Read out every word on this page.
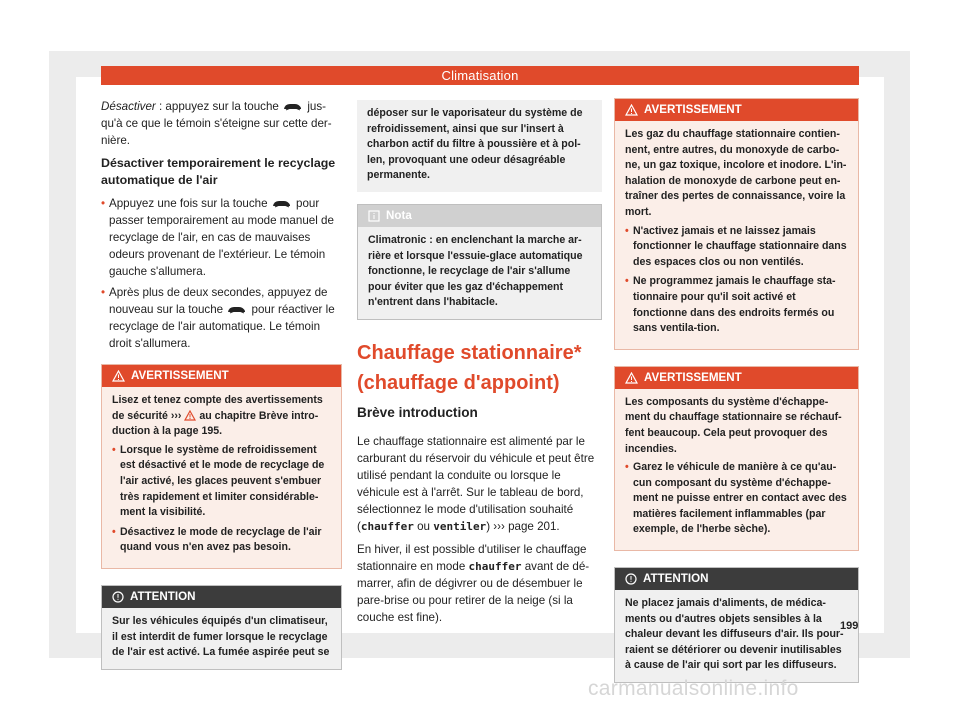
Climatisation

Désactiver : appuyez sur la touche  jus-qu'à ce que le témoin s'éteigne sur cette der-nière.

Désactiver temporairement le recyclage automatique de l'air

• Appuyez une fois sur la touche  pour passer temporairement au mode manuel de recyclage de l'air, en cas de mauvaises odeurs provenant de l'extérieur. Le témoin gauche s'allumera.

• Après plus de deux secondes, appuyez de nouveau sur la touche  pour réactiver le recyclage de l'air automatique. Le témoin droit s'allumera.

AVERTISSEMENT

Lisez et tenez compte des avertissements de sécurité ›››  au chapitre Brève intro-duction à la page 195.

• Lorsque le système de refroidissement est désactivé et le mode de recyclage de l'air activé, les glaces peuvent s'embuer très rapidement et limiter considérable-ment la visibilité.

• Désactivez le mode de recyclage de l'air quand vous n'en avez pas besoin.

ATTENTION
Sur les véhicules équipés d'un climatiseur, il est interdit de fumer lorsque le recyclage de l'air est activé. La fumée aspirée peut se
déposer sur le vaporisateur du système de refroidissement, ainsi que sur l'insert à charbon actif du filtre à poussière et à pol-len, provoquant une odeur désagréable permanente.
Nota
Climatronic : en enclenchant la marche ar-rière et lorsque l'essuie-glace automatique fonctionne, le recyclage de l'air s'allume pour éviter que les gaz d'échappement n'entrent dans l'habitacle.
Chauffage stationnaire*
(chauffage d'appoint)
Brève introduction

Le chauffage stationnaire est alimenté par le carburant du réservoir du véhicule et peut être utilisé pendant la conduite ou lorsque le véhicule est à l'arrêt. Sur le tableau de bord, sélectionnez le mode d'utilisation souhaité (chauffer ou ventiler) ››› page 201.

En hiver, il est possible d'utiliser le chauffage stationnaire en mode chauffer avant de dé-marrer, afin de dégivrer ou de désembuer le pare-brise ou pour retirer de la neige (si la couche est fine).

AVERTISSEMENT

Les gaz du chauffage stationnaire contien-nent, entre autres, du monoxyde de carbo-ne, un gaz toxique, incolore et inodore. L'in-halation de monoxyde de carbone peut en-traîner des pertes de connaissance, voire la mort.

• N'activez jamais et ne laissez jamais fonctionner le chauffage stationnaire dans des espaces clos ou non ventilés.

• Ne programmez jamais le chauffage sta-tionnaire pour qu'il soit activé et fonctionne dans des endroits fermés ou sans ventila-tion.

AVERTISSEMENT

Les composants du système d'échappe-ment du chauffage stationnaire se réchauf-fent beaucoup. Cela peut provoquer des incendies.

• Garez le véhicule de manière à ce qu'au-cun composant du système d'échappe-ment ne puisse entrer en contact avec des matières facilement inflammables (par exemple, de l'herbe sèche).

ATTENTION
Ne placez jamais d'aliments, de médica-ments ou d'autres objets sensibles à la chaleur devant les diffuseurs d'air. Ils pour-raient se détériorer ou devenir inutilisables à cause de l'air qui sort par les diffuseurs.
199
carmanualsonline.info
